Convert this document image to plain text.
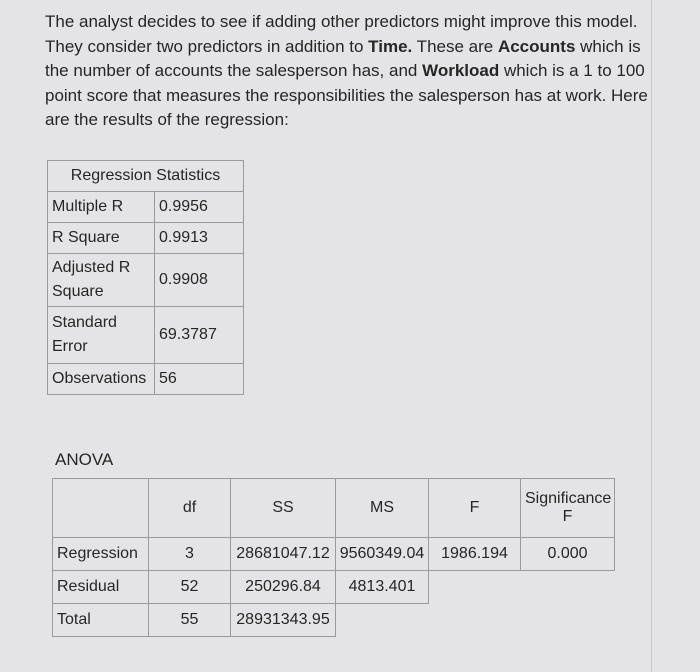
The analyst decides to see if adding other predictors might improve this model. They consider two predictors in addition to Time. These are Accounts which is the number of accounts the salesperson has, and Workload which is a 1 to 100 point score that measures the responsibilities the salesperson has at work. Here are the results of the regression:
Regression Statistics	
Multiple R	0.9956
R Square	0.9913
Adjusted R Square	0.9908
Standard Error	69.3787
Observations	56
ANOVA
	df	SS	MS	F	Significance F
Regression	3	28681047.12	9560349.04	1986.194	0.000
Residual	52	250296.84	4813.401		
Total	55	28931343.95			
